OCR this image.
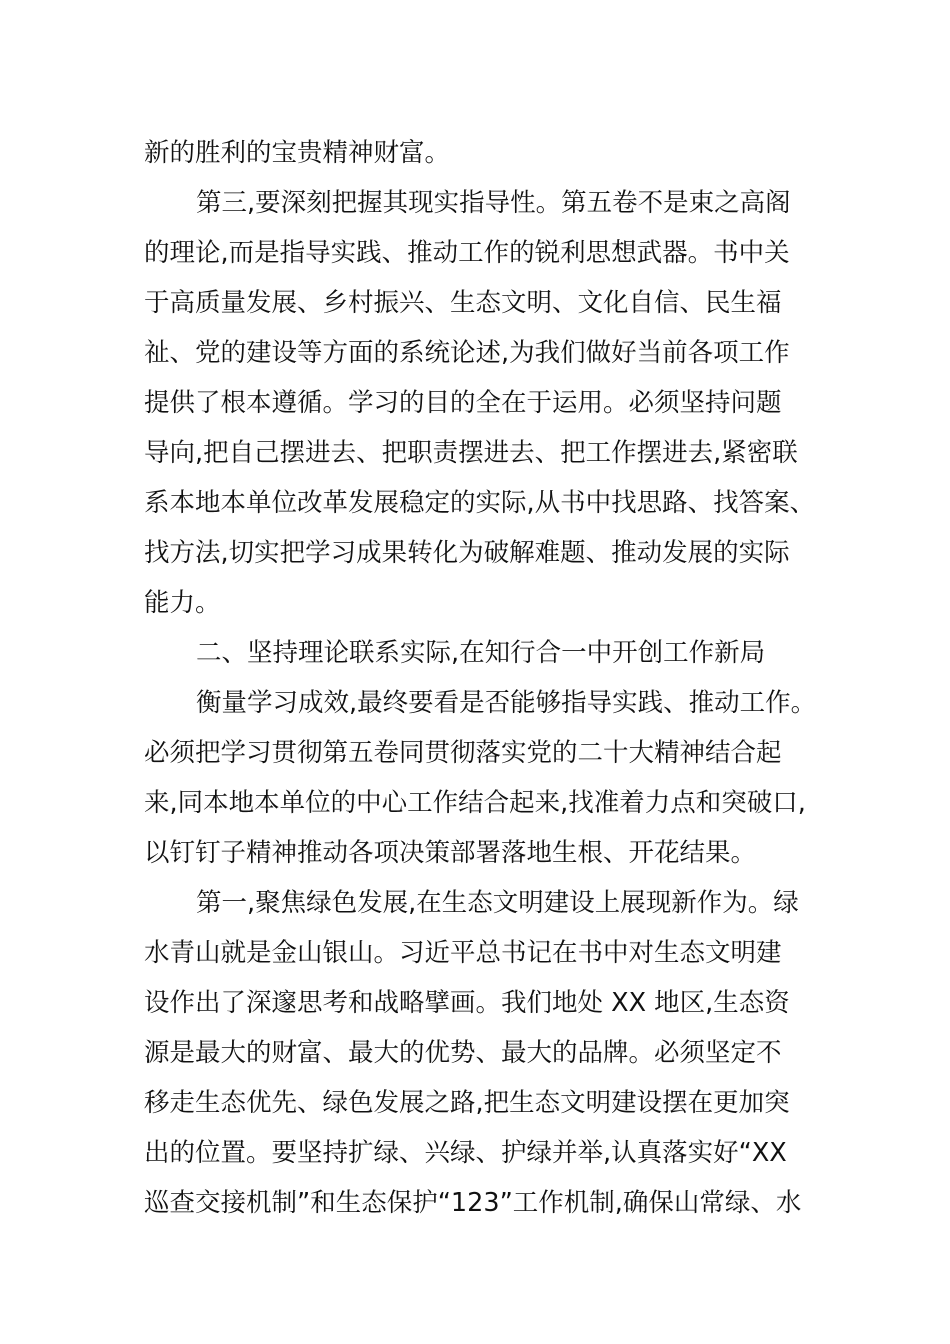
新的胜利的宝贵精神财富。
第三,要深刻把握其现实指导性。第五卷不是束之高阁
的理论,而是指导实践、推动工作的锐利思想武器。书中关
于高质量发展、乡村振兴、生态文明、文化自信、民生福
祉、党的建设等方面的系统论述,为我们做好当前各项工作
提供了根本遵循。学习的目的全在于运用。必须坚持问题
导向,把自己摆进去、把职责摆进去、把工作摆进去,紧密联
系本地本单位改革发展稳定的实际,从书中找思路、找答案、
找方法,切实把学习成果转化为破解难题、推动发展的实际
能力。
二、坚持理论联系实际,在知行合一中开创工作新局
衡量学习成效,最终要看是否能够指导实践、推动工作。
必须把学习贯彻第五卷同贯彻落实党的二十大精神结合起
来,同本地本单位的中心工作结合起来,找准着力点和突破口,
以钉钉子精神推动各项决策部署落地生根、开花结果。
第一,聚焦绿色发展,在生态文明建设上展现新作为。绿
水青山就是金山银山。习近平总书记在书中对生态文明建
设作出了深邃思考和战略擘画。我们地处 XX 地区,生态资
源是最大的财富、最大的优势、最大的品牌。必须坚定不
移走生态优先、绿色发展之路,把生态文明建设摆在更加突
出的位置。要坚持扩绿、兴绿、护绿并举,认真落实好“XX
巡查交接机制”和生态保护“123”工作机制,确保山常绿、水
